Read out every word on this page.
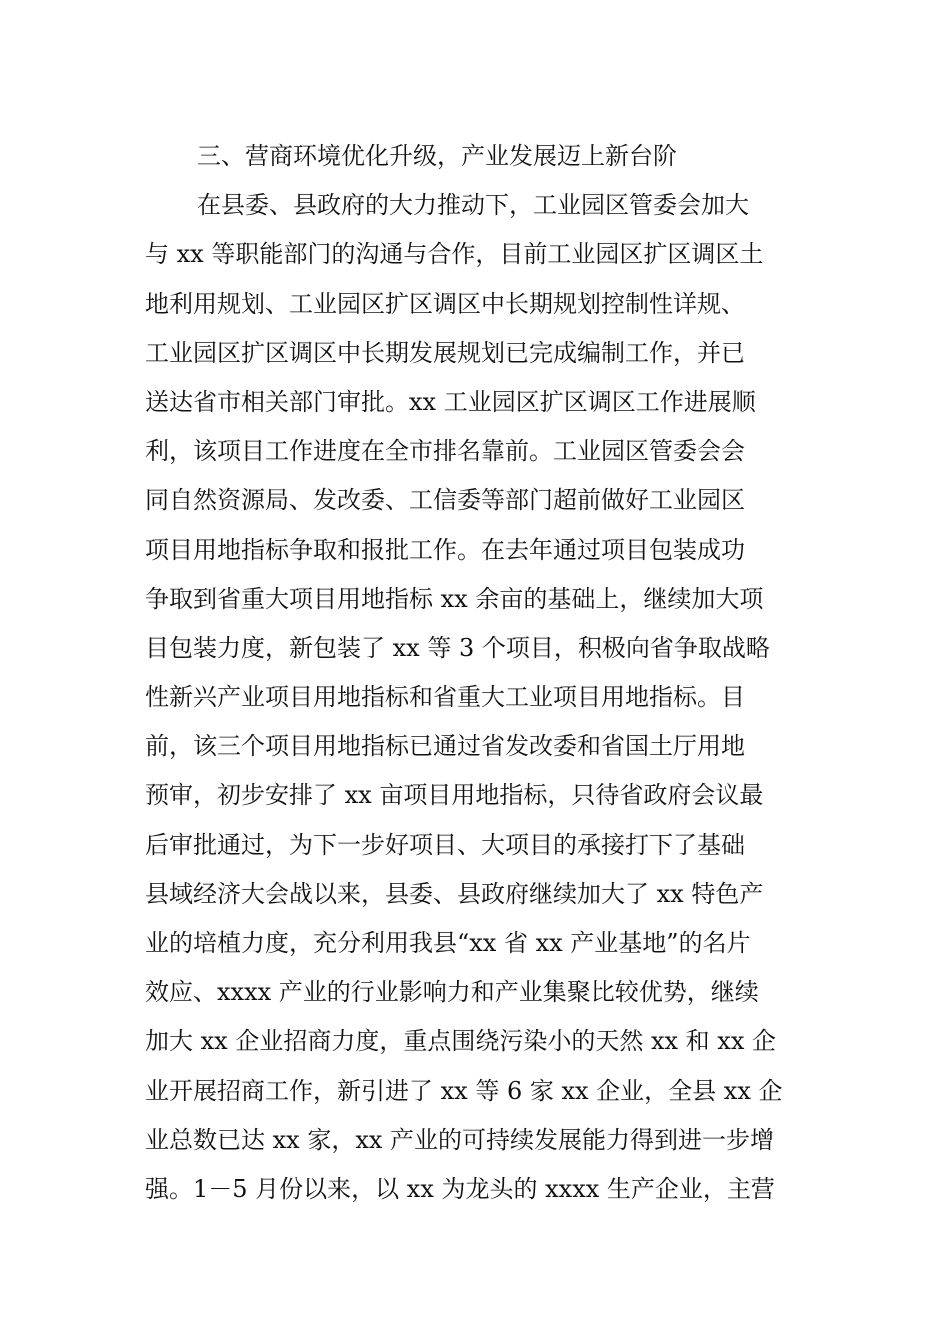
三、营商环境优化升级，产业发展迈上新台阶
在县委、县政府的大力推动下，工业园区管委会加大
与 xx 等职能部门的沟通与合作，目前工业园区扩区调区土
地利用规划、工业园区扩区调区中长期规划控制性详规、
工业园区扩区调区中长期发展规划已完成编制工作，并已
送达省市相关部门审批。xx 工业园区扩区调区工作进展顺
利，该项目工作进度在全市排名靠前。工业园区管委会会
同自然资源局、发改委、工信委等部门超前做好工业园区
项目用地指标争取和报批工作。在去年通过项目包装成功
争取到省重大项目用地指标 xx 余亩的基础上，继续加大项
目包装力度，新包装了 xx 等 3 个项目，积极向省争取战略
性新兴产业项目用地指标和省重大工业项目用地指标。目
前，该三个项目用地指标已通过省发改委和省国土厅用地
预审，初步安排了 xx 亩项目用地指标，只待省政府会议最
后审批通过，为下一步好项目、大项目的承接打下了基础
县域经济大会战以来，县委、县政府继续加大了 xx 特色产
业的培植力度，充分利用我县“xx 省 xx 产业基地”的名片
效应、xxxx 产业的行业影响力和产业集聚比较优势，继续
加大 xx 企业招商力度，重点围绕污染小的天然 xx 和 xx 企
业开展招商工作，新引进了 xx 等 6 家 xx 企业，全县 xx 企
业总数已达 xx 家，xx 产业的可持续发展能力得到进一步增
强。1－5 月份以来，以 xx 为龙头的 xxxx 生产企业，主营
